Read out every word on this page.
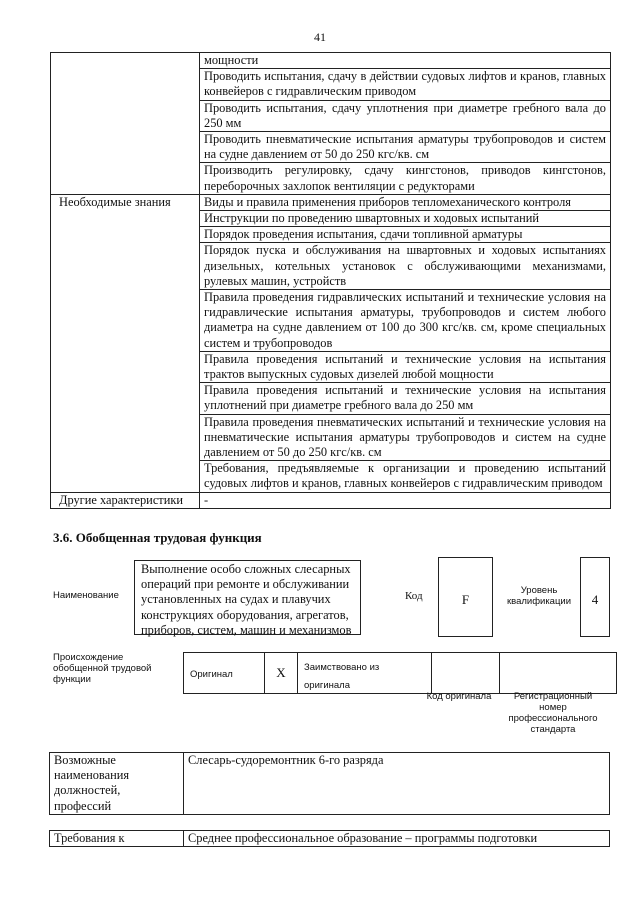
41
	мощности
	Проводить испытания, сдачу в действии судовых лифтов и кранов, главных конвейеров с гидравлическим приводом
	Проводить испытания, сдачу уплотнения при диаметре гребного вала до 250 мм
	Проводить пневматические испытания арматуры трубопроводов и систем на судне давлением от 50 до 250 кгс/кв. см
	Производить регулировку, сдачу кингстонов, приводов кингстонов, переборочных захлопок вентиляции с редукторами
Необходимые знания	Виды и правила применения приборов тепломеханического контроля
	Инструкции по проведению швартовных и ходовых испытаний
	Порядок проведения испытания, сдачи топливной арматуры
	Порядок пуска и обслуживания на швартовных и ходовых испытаниях дизельных, котельных установок с обслуживающими механизмами, рулевых машин, устройств
	Правила проведения гидравлических испытаний и технические условия на гидравлические испытания арматуры, трубопроводов и систем любого диаметра на судне давлением от 100 до 300 кгс/кв. см, кроме специальных систем и трубопроводов
	Правила проведения испытаний и технические условия на испытания трактов выпускных судовых дизелей любой мощности
	Правила проведения испытаний и технические условия на испытания уплотнений при диаметре гребного вала до 250 мм
	Правила проведения пневматических испытаний и технические условия на пневматические испытания арматуры трубопроводов и систем на судне давлением от 50 до 250 кгс/кв. см
	Требования, предъявляемые к организации и проведению испытаний судовых лифтов и кранов, главных конвейеров с гидравлическим приводом
Другие характеристики	-
3.6. Обобщенная трудовая функция
Наименование
Выполнение особо сложных слесарных операций при ремонте и обслуживании установленных на судах и плавучих конструкциях оборудования, агрегатов, приборов, систем, машин и механизмов
Код	F
Уровень квалификации	4
Происхождение обобщенной трудовой функции	Оригинал	X	Заимствовано из оригинала		
Код оригинала	Регистрационный номер профессионального стандарта
Возможные наименования должностей, профессий	Слесарь-судоремонтник 6-го разряда
Требования к	Среднее профессиональное образование – программы подготовки
